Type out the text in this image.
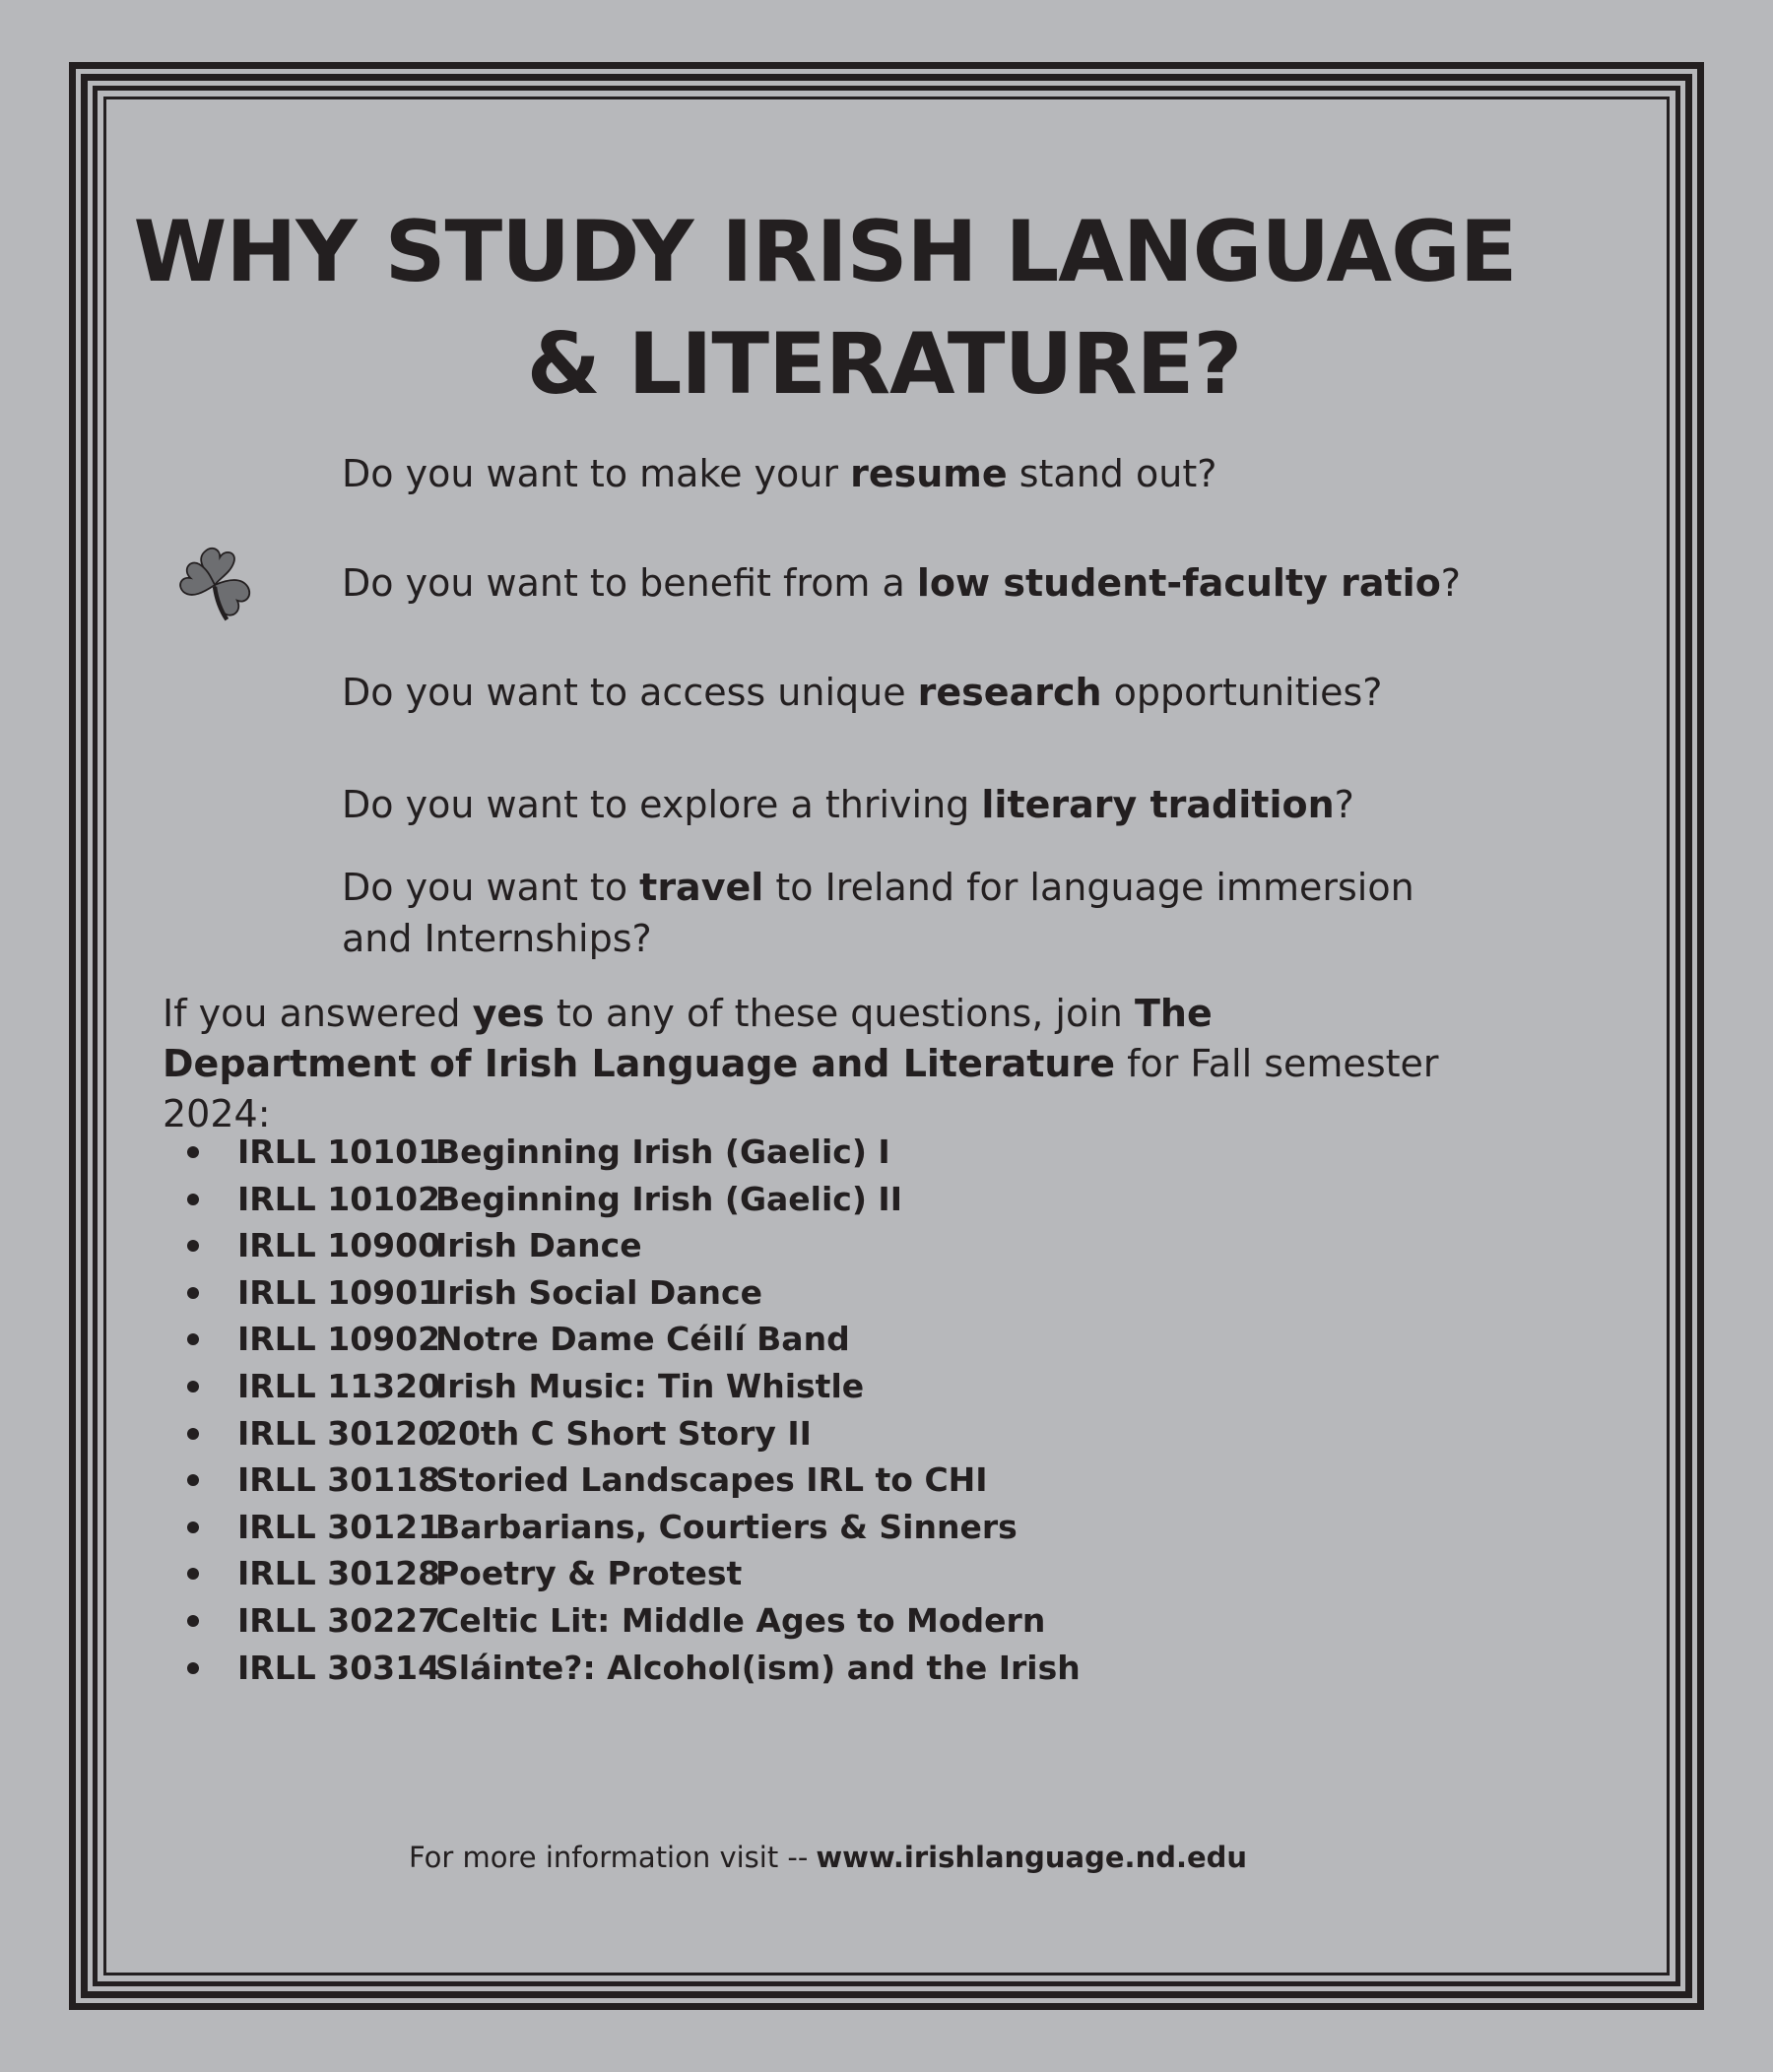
WHY STUDY IRISH LANGUAGE
& LITERATURE?

Do you want to make your resume stand out?

Do you want to benefit from a low student-faculty ratio?

Do you want to access unique research opportunities?

Do you want to explore a thriving literary tradition?

Do you want to travel to Ireland for language immersion
and Internships?

If you answered yes to any of these questions, join The Department of Irish Language and Literature for Fall semester 2024:

IRLL 10101Beginning Irish (Gaelic) I
IRLL 10102Beginning Irish (Gaelic) II
IRLL 10900Irish Dance
IRLL 10901Irish Social Dance
IRLL 10902Notre Dame Céilí Band
IRLL 11320Irish Music: Tin Whistle
IRLL 3012020th C Short Story II
IRLL 30118Storied Landscapes IRL to CHI
IRLL 30121Barbarians, Courtiers & Sinners
IRLL 30128Poetry & Protest
IRLL 30227Celtic Lit: Middle Ages to Modern
IRLL 30314Sláinte?: Alcohol(ism) and the Irish

For more information visit -- www.irishlanguage.nd.edu
